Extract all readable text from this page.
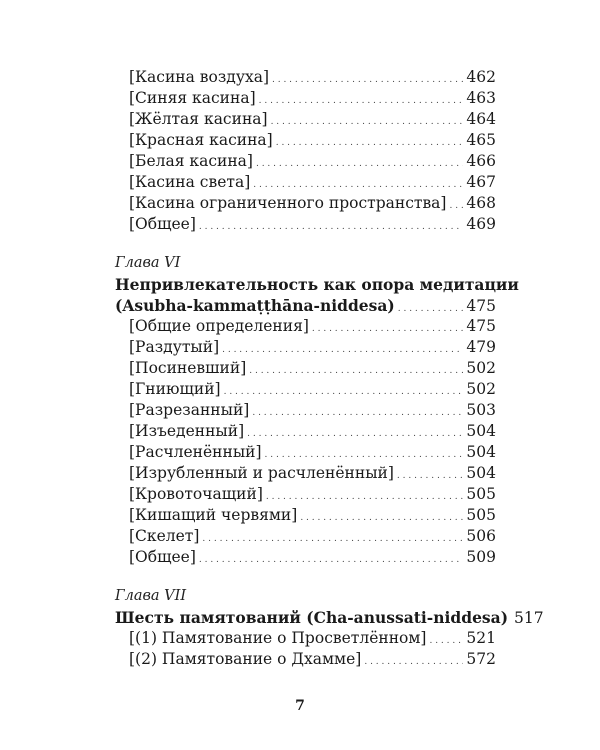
[Касина воздуха] . . .	462
[Синяя касина] . . .	463
[Жёлтая касина] . . .	464
[Красная касина] . . .	465
[Белая касина] . . .	466
[Касина света] . . .	467
[Касина ограниченного пространства] . . . 468
[Общее] . . .	469
Глава VI
Непривлекательность как опора медитации
(Asubha-kammaṭṭhāna-niddesa) . . .	475
[Общие определения] . . .	475
[Раздутый] . . .	479
[Посиневший] . . .	502
[Гниющий] . . .	502
[Разрезанный] . . .	503
[Изъеденный] . . .	504
[Расчленённый] . . .	504
[Изрубленный и расчленённый] . . .	504
[Кровоточащий] . . .	505
[Кишащий червями] . . .	505
[Скелет] . . .	506
[Общее] . . .	509
Глава VII
Шесть памятований (Cha-anussati-niddesa) 517
[(1) Памятование о Просветлённом] . . .	521
[(2) Памятование о Дхамме] . . .	572
7
